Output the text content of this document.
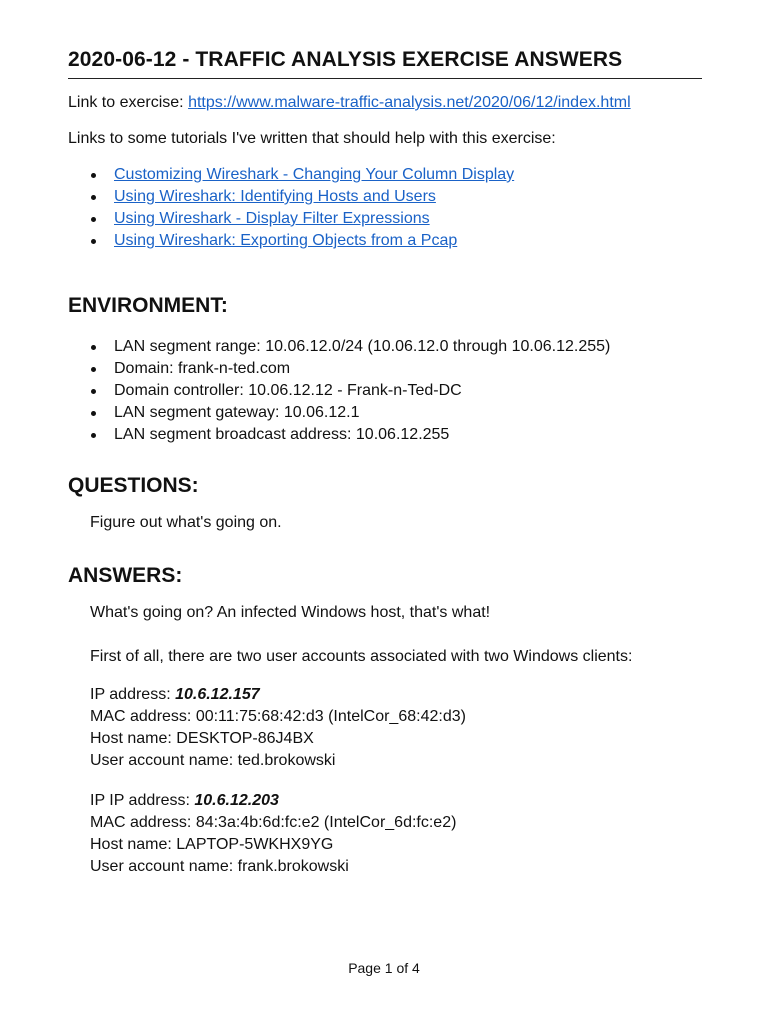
2020-06-12 - TRAFFIC ANALYSIS EXERCISE ANSWERS
Link to exercise: https://www.malware-traffic-analysis.net/2020/06/12/index.html
Links to some tutorials I've written that should help with this exercise:
Customizing Wireshark - Changing Your Column Display
Using Wireshark: Identifying Hosts and Users
Using Wireshark - Display Filter Expressions
Using Wireshark: Exporting Objects from a Pcap
ENVIRONMENT:
LAN segment range: 10.06.12.0/24 (10.06.12.0 through 10.06.12.255)
Domain: frank-n-ted.com
Domain controller: 10.06.12.12 - Frank-n-Ted-DC
LAN segment gateway: 10.06.12.1
LAN segment broadcast address: 10.06.12.255
QUESTIONS:
Figure out what's going on.
ANSWERS:
What's going on? An infected Windows host, that's what!
First of all, there are two user accounts associated with two Windows clients:
IP address: 10.6.12.157
MAC address: 00:11:75:68:42:d3 (IntelCor_68:42:d3)
Host name: DESKTOP-86J4BX
User account name: ted.brokowski
IP IP address: 10.6.12.203
MAC address: 84:3a:4b:6d:fc:e2 (IntelCor_6d:fc:e2)
Host name: LAPTOP-5WKHX9YG
User account name: frank.brokowski
Page 1 of 4
